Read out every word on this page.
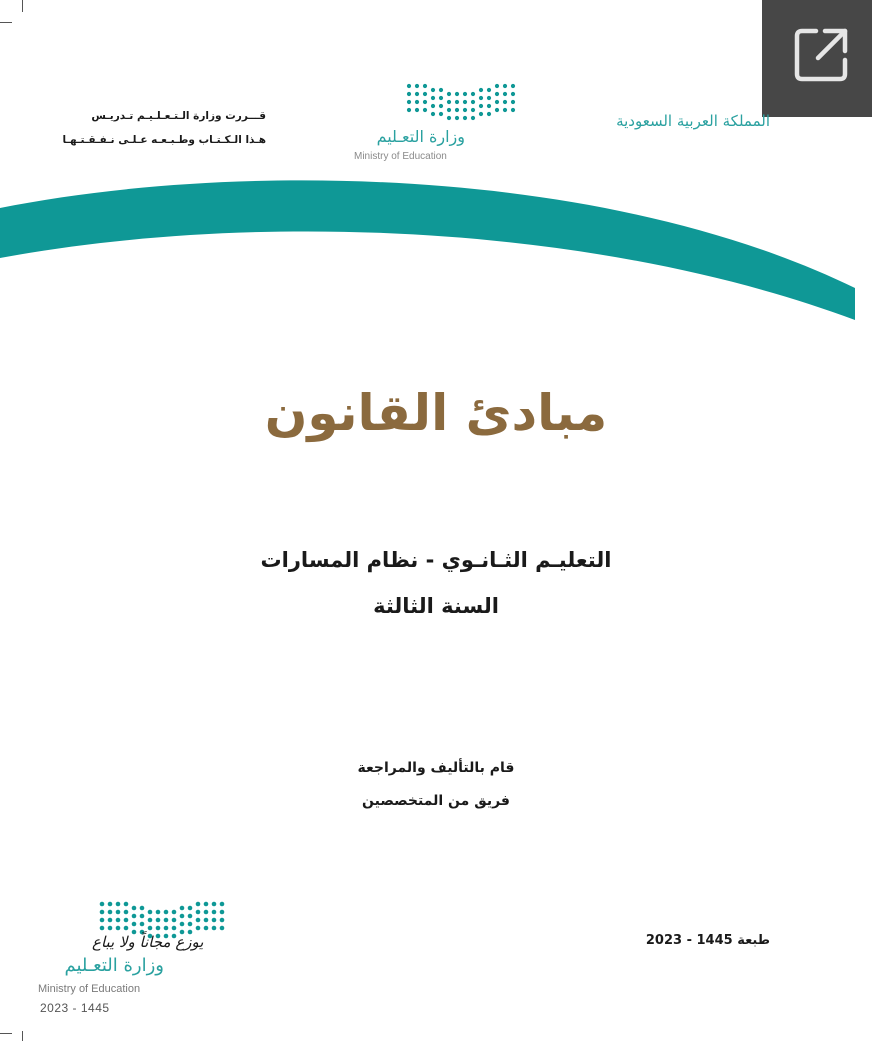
المملكة العربية السعودية
وزارة التعـليم
Ministry of Education
قـــررت وزارة الـتـعـلـيـم تـدريـس
هـذا الـكـتـاب وطـبـعـه عـلـى نـفـقـتـهـا
مبادئ القانون
التعليـم الثـانـوي - نظام المسارات
السنة الثالثة
قام بالتأليف والمراجعة
فريق من المتخصصين
طبعة 1445 - 2023
يوزع مجاناً ولا يباع
وزارة التعـليم
Ministry of Education
2023 - 1445
